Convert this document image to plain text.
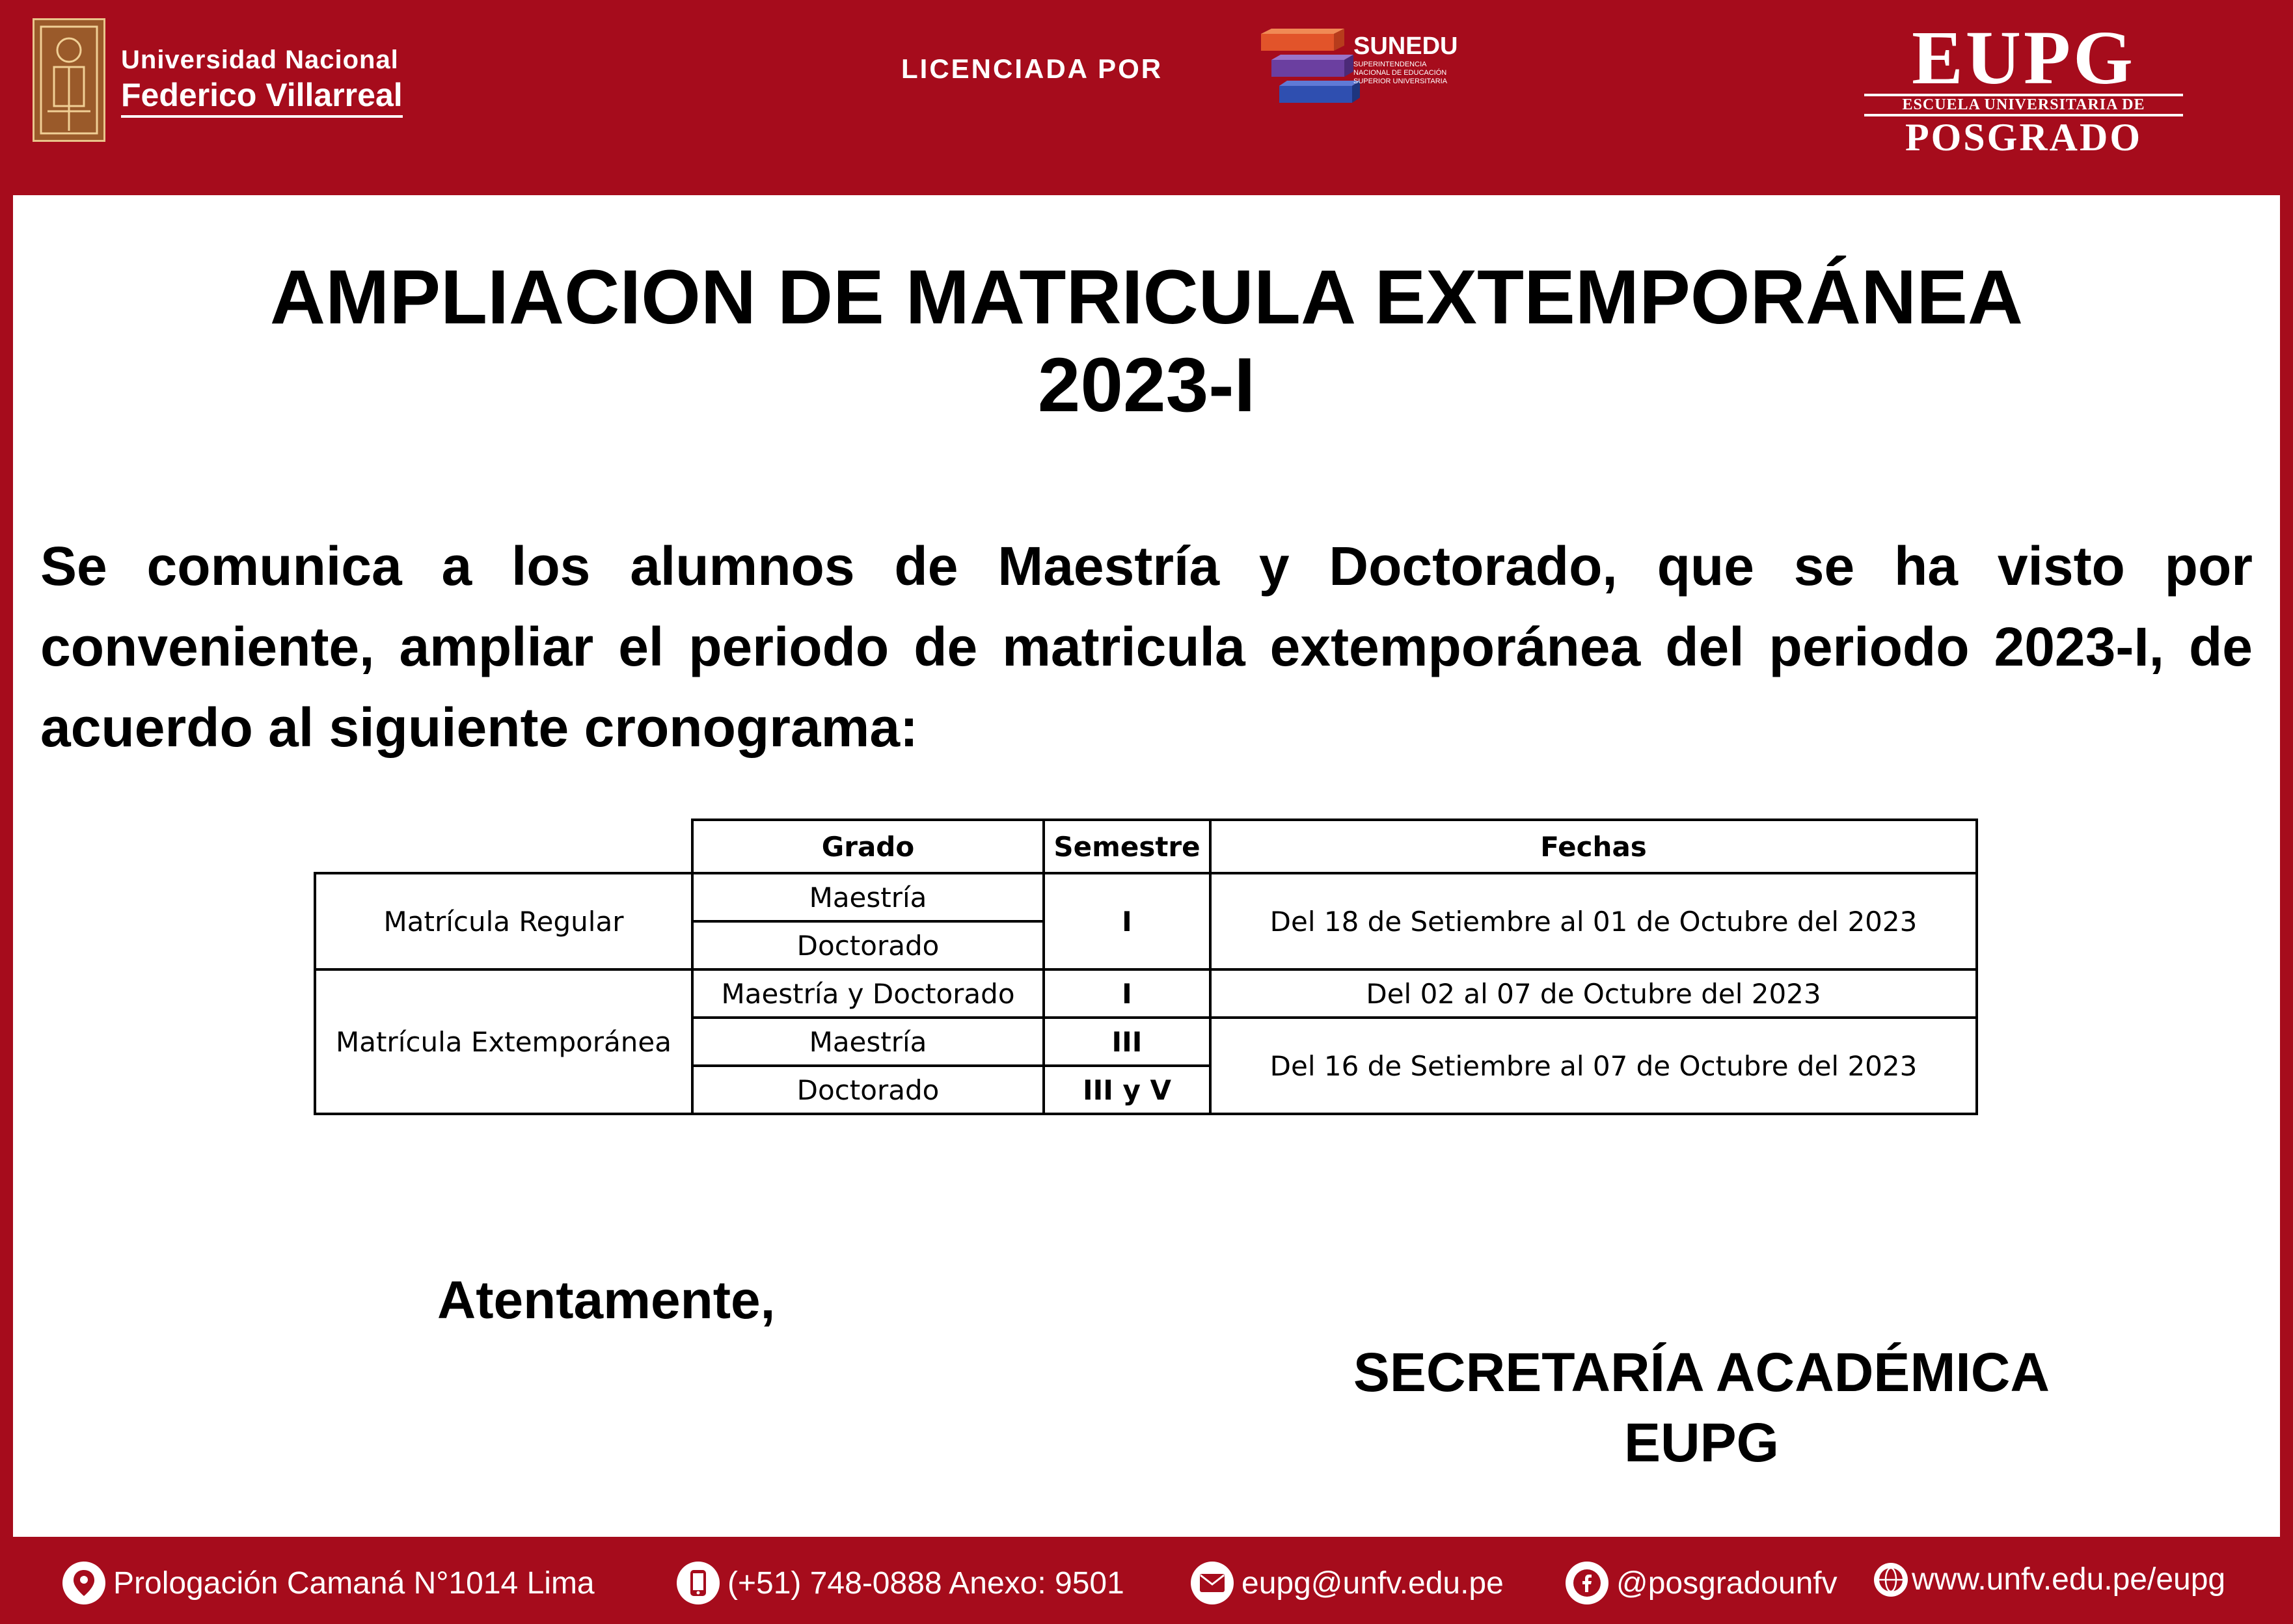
Universidad Nacional
Federico Villarreal
LICENCIADA POR
SUNEDU
SUPERINTENDENCIA
NACIONAL DE EDUCACIÓN
SUPERIOR UNIVERSITARIA	EUPG
ESCUELA UNIVERSITARIA DE
POSGRADO
AMPLIACION DE MATRICULA EXTEMPORÁNEA
2023-I
Se comunica a los alumnos de Maestría y Doctorado, que se ha visto por conveniente, ampliar el periodo de matricula extemporánea del periodo 2023-I, de acuerdo al siguiente cronograma:
	Grado	Semestre	Fechas
Matrícula Regular	Maestría	I	Del 18 de Setiembre al 01 de Octubre del 2023
	Doctorado		
Matrícula Extemporánea	Maestría y Doctorado	I	Del 02 al 07 de Octubre del 2023
	Maestría	III	Del 16 de Setiembre al 07 de Octubre del 2023
	Doctorado	III y V	
Atentamente,
SECRETARÍA ACADÉMICA
EUPG
Prologación Camaná N°1014 Lima	(+51) 748-0888 Anexo: 9501	eupg@unfv.edu.pe	@posgradounfv www.unfv.edu.pe/eupg
